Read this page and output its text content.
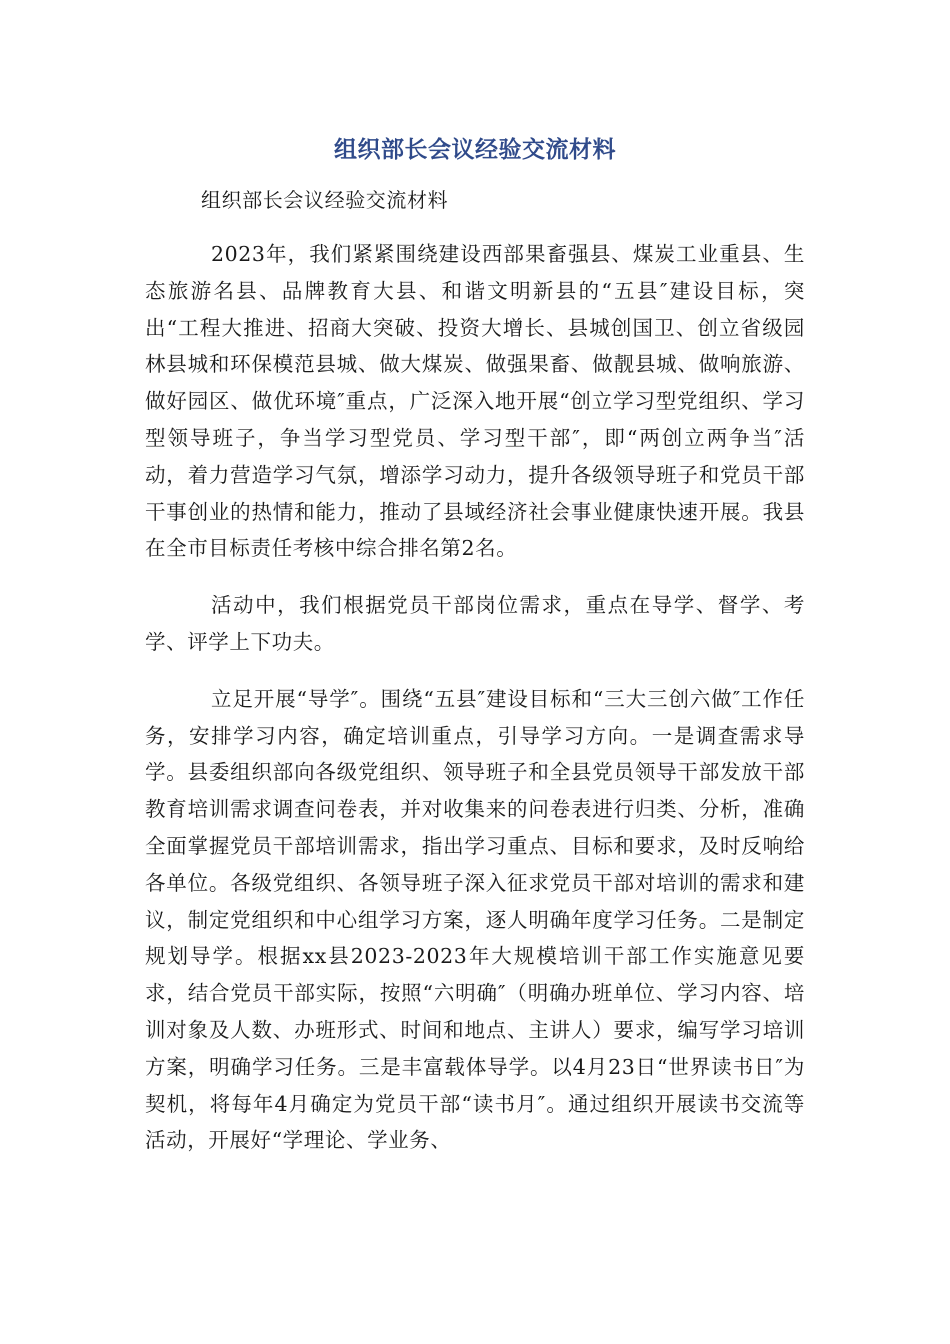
组织部长会议经验交流材料

组织部长会议经验交流材料

2023年，我们紧紧围绕建设西部果畜强县、煤炭工业重县、生态旅游名县、品牌教育大县、和谐文明新县的“五县″建设目标，突出“工程大推进、招商大突破、投资大增长、县城创国卫、创立省级园林县城和环保模范县城、做大煤炭、做强果畜、做靓县城、做响旅游、做好园区、做优环境″重点，广泛深入地开展“创立学习型党组织、学习型领导班子，争当学习型党员、学习型干部″，即“两创立两争当″活动，着力营造学习气氛，增添学习动力，提升各级领导班子和党员干部干事创业的热情和能力，推动了县域经济社会事业健康快速开展。我县在全市目标责任考核中综合排名第2名。

活动中，我们根据党员干部岗位需求，重点在导学、督学、考学、评学上下功夫。

立足开展“导学″。围绕“五县″建设目标和“三大三创六做″工作任务，安排学习内容，确定培训重点，引导学习方向。一是调查需求导学。县委组织部向各级党组织、领导班子和全县党员领导干部发放干部教育培训需求调查问卷表，并对收集来的问卷表进行归类、分析，准确全面掌握党员干部培训需求，指出学习重点、目标和要求，及时反响给各单位。各级党组织、各领导班子深入征求党员干部对培训的需求和建议，制定党组织和中心组学习方案，逐人明确年度学习任务。二是制定规划导学。根据xx县2023-2023年大规模培训干部工作实施意见要求，结合党员干部实际，按照“六明确″（明确办班单位、学习内容、培训对象及人数、办班形式、时间和地点、主讲人）要求，编写学习培训方案，明确学习任务。三是丰富载体导学。以4月23日“世界读书日″为契机，将每年4月确定为党员干部“读书月″。通过组织开展读书交流等活动，开展好“学理论、学业务、
